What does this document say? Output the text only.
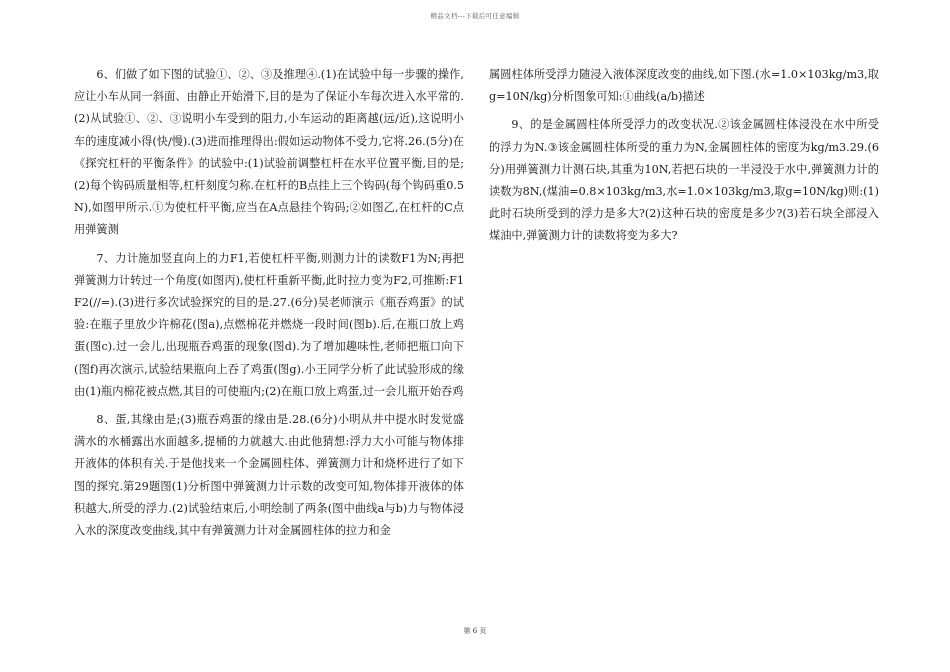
精品文档---下载后可任意编辑

6、们做了如下图的试验①、②、③及推理④.(1)在试验中每一步骤的操作,应让小车从同一斜面、由静止开始滑下,目的是为了保证小车每次进入水平常的.(2)从试验①、②、③说明小车受到的阻力,小车运动的距离越(远/近),这说明小车的速度减小得(快/慢).(3)进而推理得出:假如运动物体不受力,它将.26.(5分)在《探究杠杆的平衡条件》的试验中:(1)试验前调整杠杆在水平位置平衡,目的是;(2)每个钩码质量相等,杠杆刻度匀称.在杠杆的B点挂上三个钩码(每个钩码重0.5N),如图甲所示.①为使杠杆平衡,应当在A点悬挂个钩码;②如图乙,在杠杆的C点用弹簧测

7、力计施加竖直向上的力F1,若使杠杆平衡,则测力计的读数F1为N;再把弹簧测力计转过一个角度(如图丙),使杠杆重新平衡,此时拉力变为F2,可推断:F1F2(//=).(3)进行多次试验探究的目的是.27.(6分)吴老师演示《瓶吞鸡蛋》的试验:在瓶子里放少许棉花(图a),点燃棉花并燃烧一段时间(图b).后,在瓶口放上鸡蛋(图c).过一会儿,出现瓶吞鸡蛋的现象(图d).为了增加趣味性,老师把瓶口向下(图f)再次演示,试验结果瓶向上吞了鸡蛋(图g).小王同学分析了此试验形成的缘由(1)瓶内棉花被点燃,其目的可使瓶内;(2)在瓶口放上鸡蛋,过一会儿瓶开始吞鸡

8、蛋,其缘由是;(3)瓶吞鸡蛋的缘由是.28.(6分)小明从井中提水时发觉盛满水的水桶露出水面越多,提桶的力就越大.由此他猜想:浮力大小可能与物体排开液体的体积有关.于是他找来一个金属圆柱体、弹簧测力计和烧杯进行了如下图的探究.第29题图(1)分析图中弹簧测力计示数的改变可知,物体排开液体的体积越大,所受的浮力.(2)试验结束后,小明绘制了两条(图中曲线a与b)力与物体浸入水的深度改变曲线,其中有弹簧测力计对金属圆柱体的拉力和金

属圆柱体所受浮力随浸入液体深度改变的曲线,如下图.(水=1.0×103kg/m3,取g=10N/kg)分析图象可知:①曲线(a/b)描述

9、的是金属圆柱体所受浮力的改变状况.②该金属圆柱体浸没在水中所受的浮力为N.③该金属圆柱体所受的重力为N,金属圆柱体的密度为kg/m3.29.(6分)用弹簧测力计测石块,其重为10N,若把石块的一半浸没于水中,弹簧测力计的读数为8N,(煤油=0.8×103kg/m3,水=1.0×103kg/m3,取g=10N/kg)则:(1)此时石块所受到的浮力是多大?(2)这种石块的密度是多少?(3)若石块全部浸入煤油中,弹簧测力计的读数将变为多大?

第 6 页
